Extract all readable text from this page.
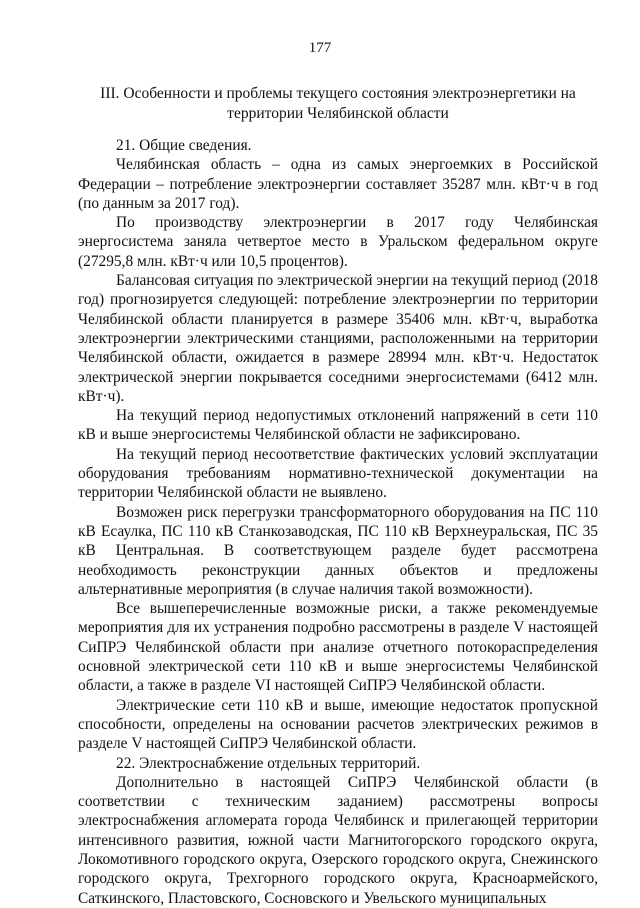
177
III. Особенности и проблемы текущего состояния электроэнергетики на
территории Челябинской области

21. Общие сведения.

Челябинская область – одна из самых энергоемких в Российской Федерации – потребление электроэнергии составляет 35287 млн. кВт·ч в год (по данным за 2017 год).

По производству электроэнергии в 2017 году Челябинская энергосистема заняла четвертое место в Уральском федеральном округе (27295,8 млн. кВт·ч или 10,5 процентов).

Балансовая ситуация по электрической энергии на текущий период (2018 год) прогнозируется следующей: потребление электроэнергии по территории Челябинской области планируется в размере 35406 млн. кВт·ч, выработка электроэнергии электрическими станциями, расположенными на территории Челябинской области, ожидается в размере 28994 млн. кВт·ч. Недостаток электрической энергии покрывается соседними энергосистемами (6412 млн. кВт·ч).

На текущий период недопустимых отклонений напряжений в сети 110 кВ и выше энергосистемы Челябинской области не зафиксировано.

На текущий период несоответствие фактических условий эксплуатации оборудования требованиям нормативно-технической документации на территории Челябинской области не выявлено.

Возможен риск перегрузки трансформаторного оборудования на ПС 110 кВ Есаулка, ПС 110 кВ Станкозаводская, ПС 110 кВ Верхнеуральская, ПС 35 кВ Центральная. В соответствующем разделе будет рассмотрена необходимость реконструкции данных объектов и предложены альтернативные мероприятия (в случае наличия такой возможности).

Все вышеперечисленные возможные риски, а также рекомендуемые мероприятия для их устранения подробно рассмотрены в разделе V настоящей СиПРЭ Челябинской области при анализе отчетного потокораспределения основной электрической сети 110 кВ и выше энергосистемы Челябинской области, а также в разделе VI настоящей СиПРЭ Челябинской области.

Электрические сети 110 кВ и выше, имеющие недостаток пропускной способности, определены на основании расчетов электрических режимов в разделе V настоящей СиПРЭ Челябинской области.

22. Электроснабжение отдельных территорий.

Дополнительно в настоящей СиПРЭ Челябинской области (в соответствии с техническим заданием) рассмотрены вопросы электроснабжения агломерата города Челябинск и прилегающей территории интенсивного развития, южной части Магнитогорского городского округа, Локомотивного городского округа, Озерского городского округа, Снежинского городского округа, Трехгорного городского округа, Красноармейского, Саткинского, Пластовского, Сосновского и Увельского муниципальных
